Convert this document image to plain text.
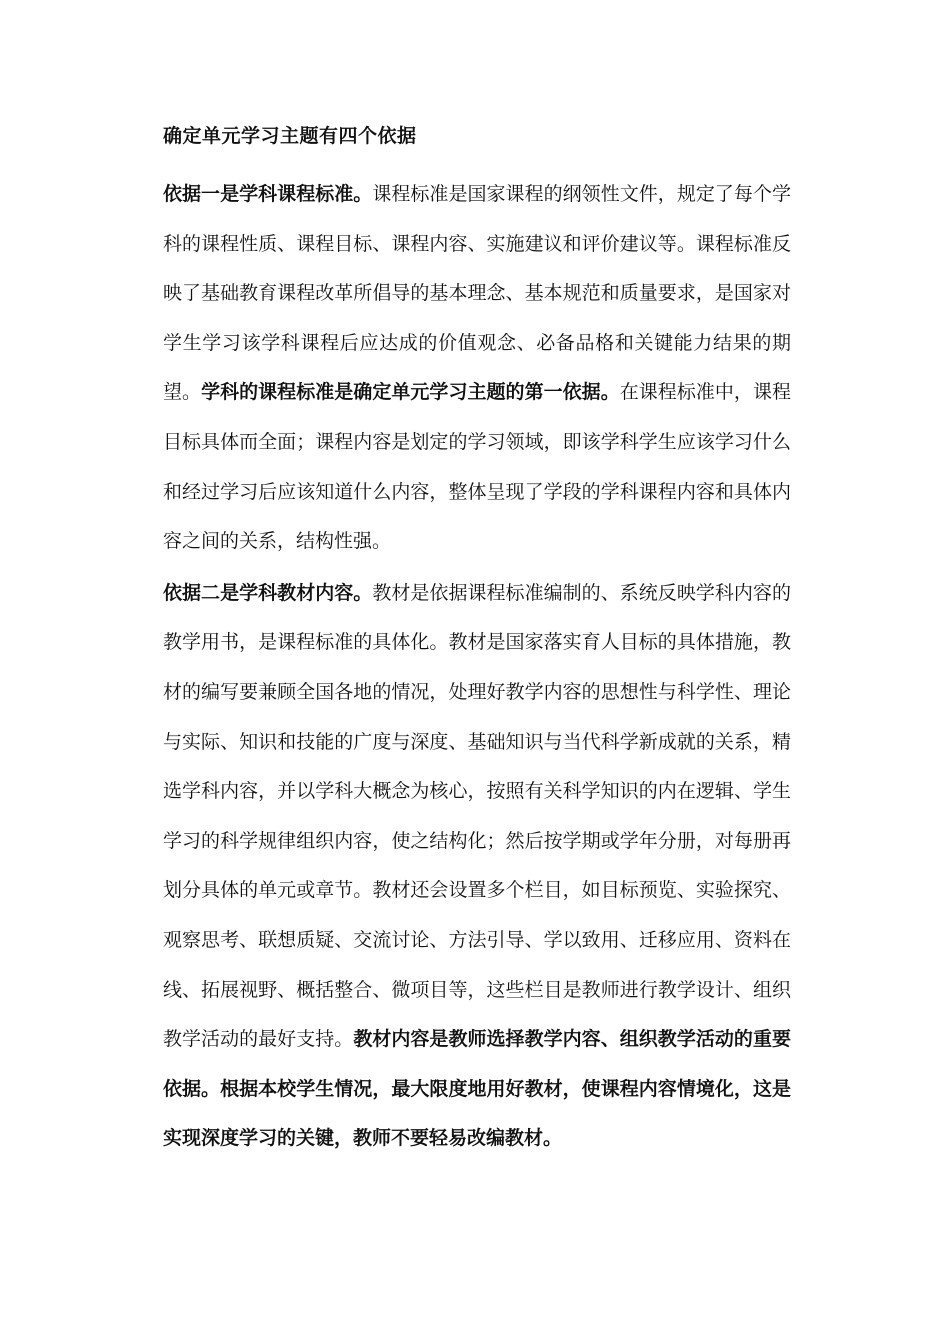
确定单元学习主题有四个依据

依据一是学科课程标准。课程标准是国家课程的纲领性文件，规定了每个学科的课程性质、课程目标、课程内容、实施建议和评价建议等。课程标准反映了基础教育课程改革所倡导的基本理念、基本规范和质量要求，是国家对学生学习该学科课程后应达成的价值观念、必备品格和关键能力结果的期望。学科的课程标准是确定单元学习主题的第一依据。在课程标准中，课程目标具体而全面；课程内容是划定的学习领域，即该学科学生应该学习什么和经过学习后应该知道什么内容，整体呈现了学段的学科课程内容和具体内容之间的关系，结构性强。

依据二是学科教材内容。教材是依据课程标准编制的、系统反映学科内容的教学用书，是课程标准的具体化。教材是国家落实育人目标的具体措施，教材的编写要兼顾全国各地的情况，处理好教学内容的思想性与科学性、理论与实际、知识和技能的广度与深度、基础知识与当代科学新成就的关系，精选学科内容，并以学科大概念为核心，按照有关科学知识的内在逻辑、学生学习的科学规律组织内容，使之结构化；然后按学期或学年分册，对每册再划分具体的单元或章节。教材还会设置多个栏目，如目标预览、实验探究、观察思考、联想质疑、交流讨论、方法引导、学以致用、迁移应用、资料在线、拓展视野、概括整合、微项目等，这些栏目是教师进行教学设计、组织教学活动的最好支持。教材内容是教师选择教学内容、组织教学活动的重要依据。根据本校学生情况，最大限度地用好教材，使课程内容情境化，这是实现深度学习的关键，教师不要轻易改编教材。
